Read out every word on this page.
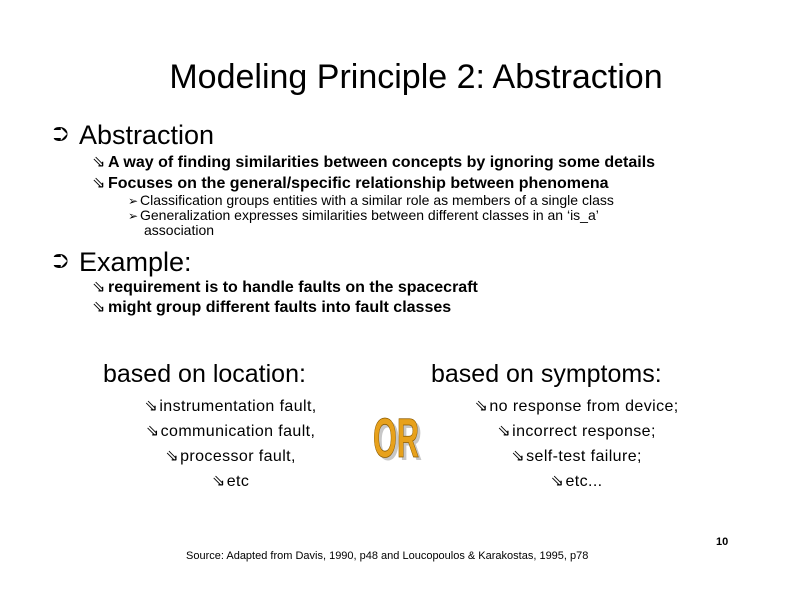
Modeling Principle 2: Abstraction
⮊ Abstraction
⇘ A way of finding similarities between concepts by ignoring some details
⇘ Focuses on the general/specific relationship between phenomena
➢ Classification groups entities with a similar role as members of a single class
➢ Generalization expresses similarities between different classes in an ‘is_a’
association
⮊ Example:
⇘ requirement is to handle faults on the spacecraft
⇘ might group different faults into fault classes
based on location:
⇘instrumentation fault,
⇘communication fault,
⇘processor fault,
⇘etc
OR
OR
based on symptoms:
⇘no response from device;
⇘incorrect response;
⇘self-test failure;
⇘etc...
10
Source: Adapted from Davis, 1990, p48 and Loucopoulos & Karakostas, 1995, p78
